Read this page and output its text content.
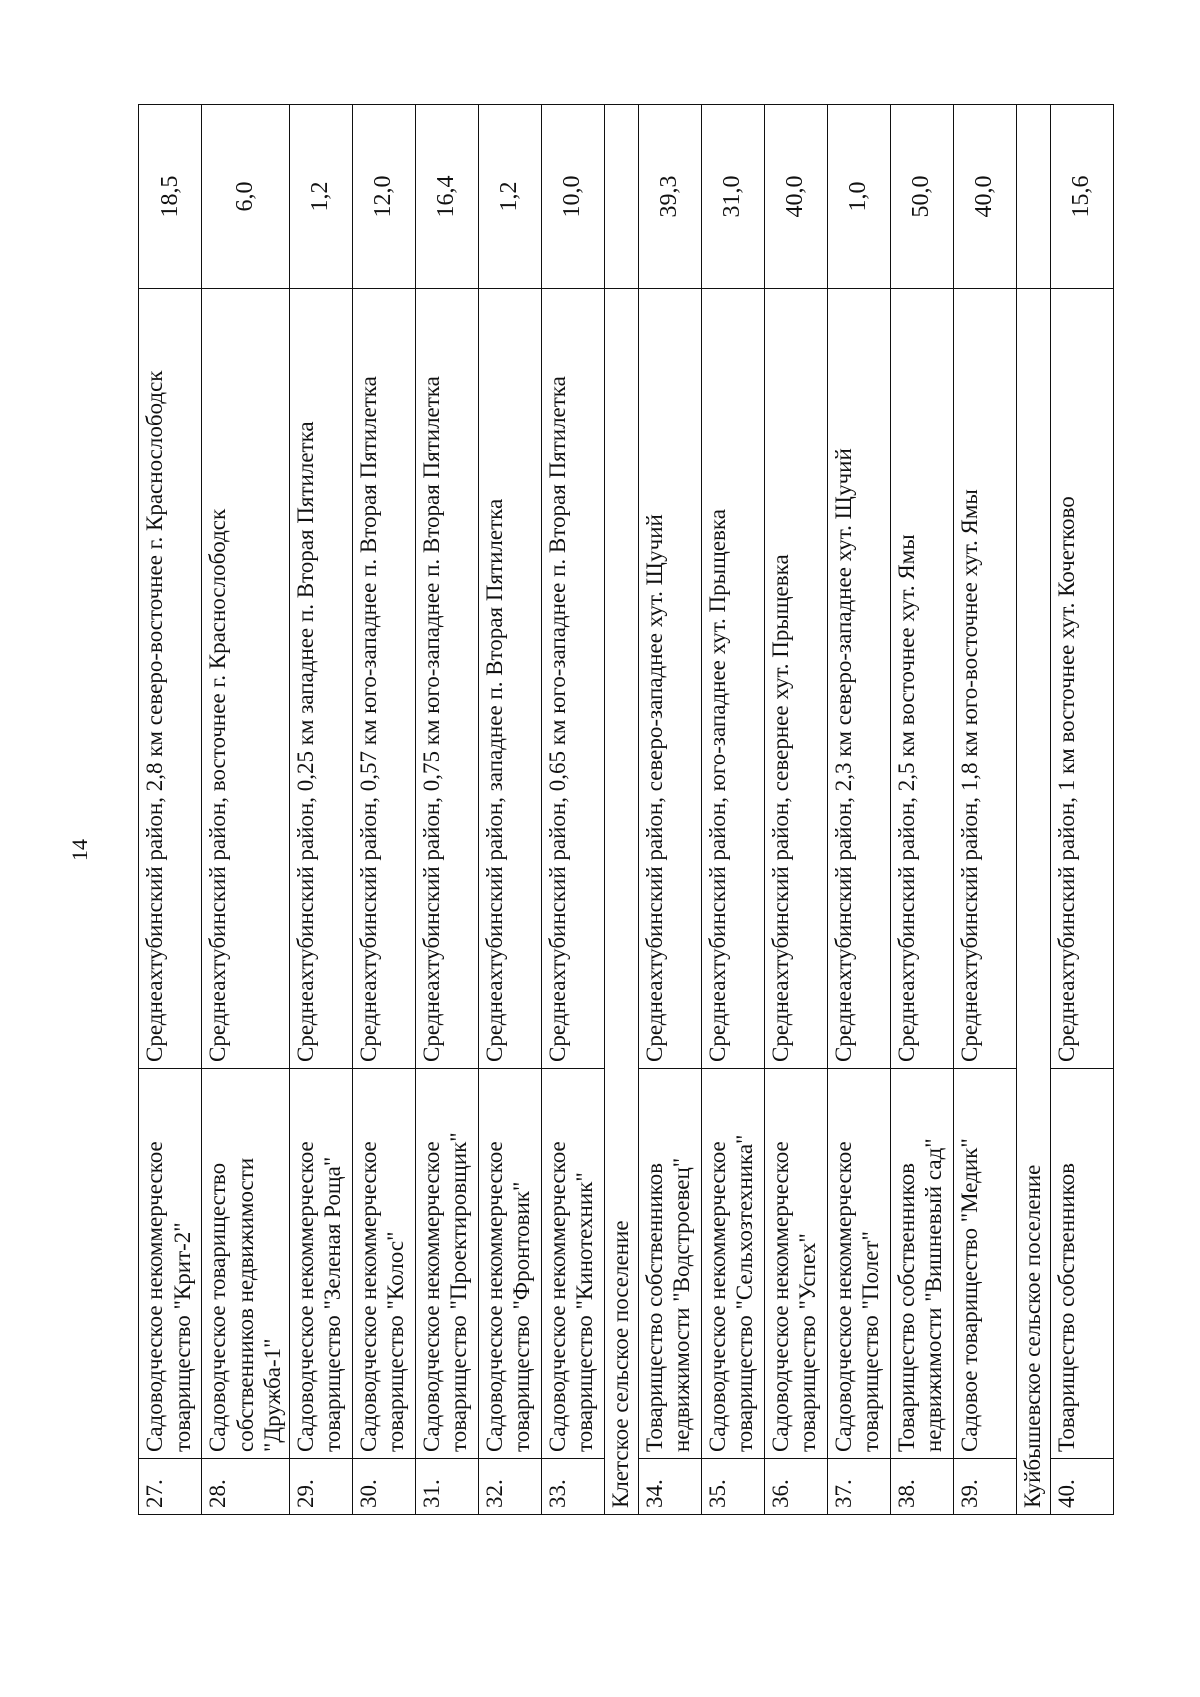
14
27.	Садоводческое некоммерческое товарищество "Крит-2"	Среднеахтубинский район, 2,8 км северо-восточнее г. Краснослободск	18,5
28.	Садоводческое товарищество собственников недвижимости "Дружба-1"	Среднеахтубинский район, восточнее г. Краснослободск	6,0
29.	Садоводческое некоммерческое товарищество "Зеленая Роща"	Среднеахтубинский район, 0,25 км западнее п. Вторая Пятилетка	1,2
30.	Садоводческое некоммерческое товарищество "Колос"	Среднеахтубинский район, 0,57 км юго-западнее п. Вторая Пятилетка	12,0
31.	Садоводческое некоммерческое товарищество "Проектировщик"	Среднеахтубинский район, 0,75 км юго-западнее п. Вторая Пятилетка	16,4
32.	Садоводческое некоммерческое товарищество "Фронтовик"	Среднеахтубинский район, западнее п. Вторая Пятилетка	1,2
33.	Садоводческое некоммерческое товарищество "Кинотехник"	Среднеахтубинский район, 0,65 км юго-западнее п. Вторая Пятилетка	10,0
Клетское сельское поселение			
34.	Товарищество собственников недвижимости "Водстроевец"	Среднеахтубинский район, северо-западнее хут. Щучий	39,3
35.	Садоводческое некоммерческое товарищество "Сельхозтехника"	Среднеахтубинский район, юго-западнее хут. Прыщевка	31,0
36.	Садоводческое некоммерческое товарищество "Успех"	Среднеахтубинский район, севернее хут. Прыщевка	40,0
37.	Садоводческое некоммерческое товарищество "Полет"	Среднеахтубинский район, 2,3 км северо-западнее хут. Щучий	1,0
38.	Товарищество собственников недвижимости "Вишневый сад"	Среднеахтубинский район, 2,5 км восточнее хут. Ямы	50,0
39.	Садовое товарищество "Медик"	Среднеахтубинский район, 1,8 км юго-восточнее хут. Ямы	40,0
Куйбышевское сельское поселение			
40.	Товарищество собственников	Среднеахтубинский район, 1 км восточнее хут. Кочетково	15,6
